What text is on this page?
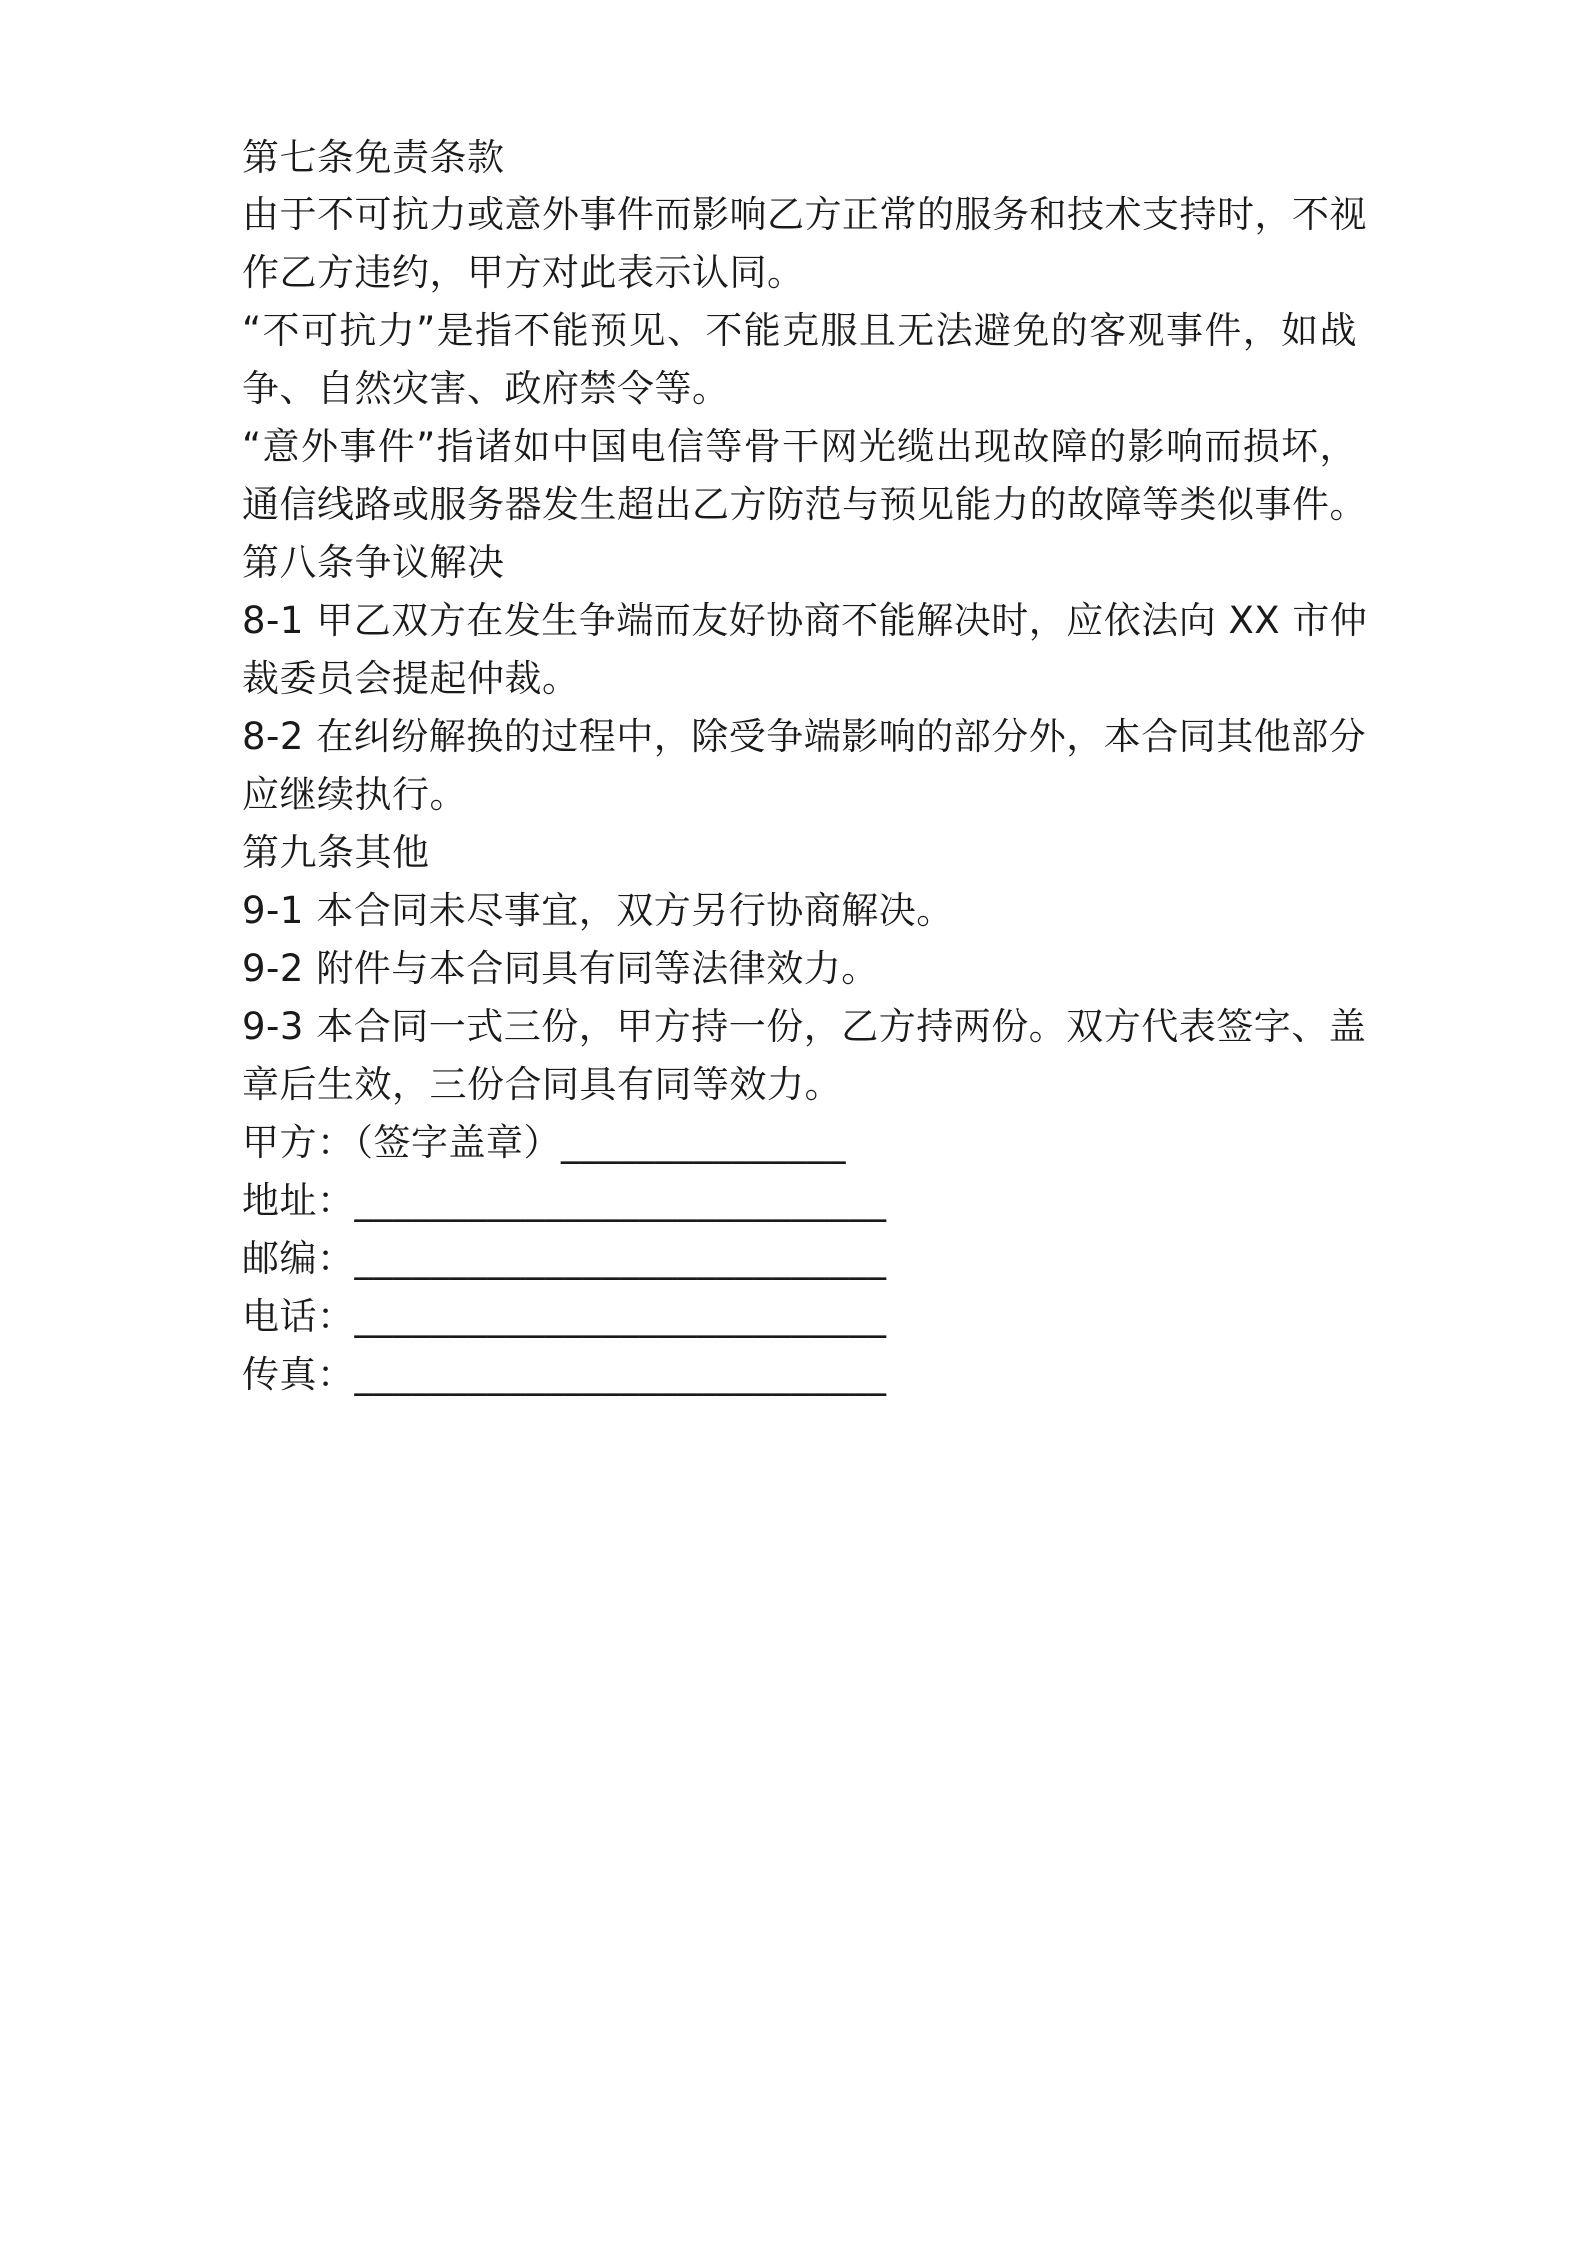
第七条免责条款
由于不可抗力或意外事件而影响乙方正常的服务和技术支持时，不视
作乙方违约，甲方对此表示认同。
“不可抗力”是指不能预见、不能克服且无法避免的客观事件，如战
争、自然灾害、政府禁令等。
“意外事件”指诸如中国电信等骨干网光缆出现故障的影响而损坏，
通信线路或服务器发生超出乙方防范与预见能力的故障等类似事件。
第八条争议解决
8-1 甲乙双方在发生争端而友好协商不能解决时，应依法向 XX 市仲
裁委员会提起仲裁。
8-2 在纠纷解换的过程中，除受争端影响的部分外，本合同其他部分
应继续执行。
第九条其他
9-1 本合同未尽事宜，双方另行协商解决。
9-2 附件与本合同具有同等法律效力。
9-3 本合同一式三份，甲方持一份，乙方持两份。双方代表签字、盖
章后生效，三份合同具有同等效力。
甲方：（签字盖章）_______________
地址：____________________________
邮编：____________________________
电话：____________________________
传真：____________________________
